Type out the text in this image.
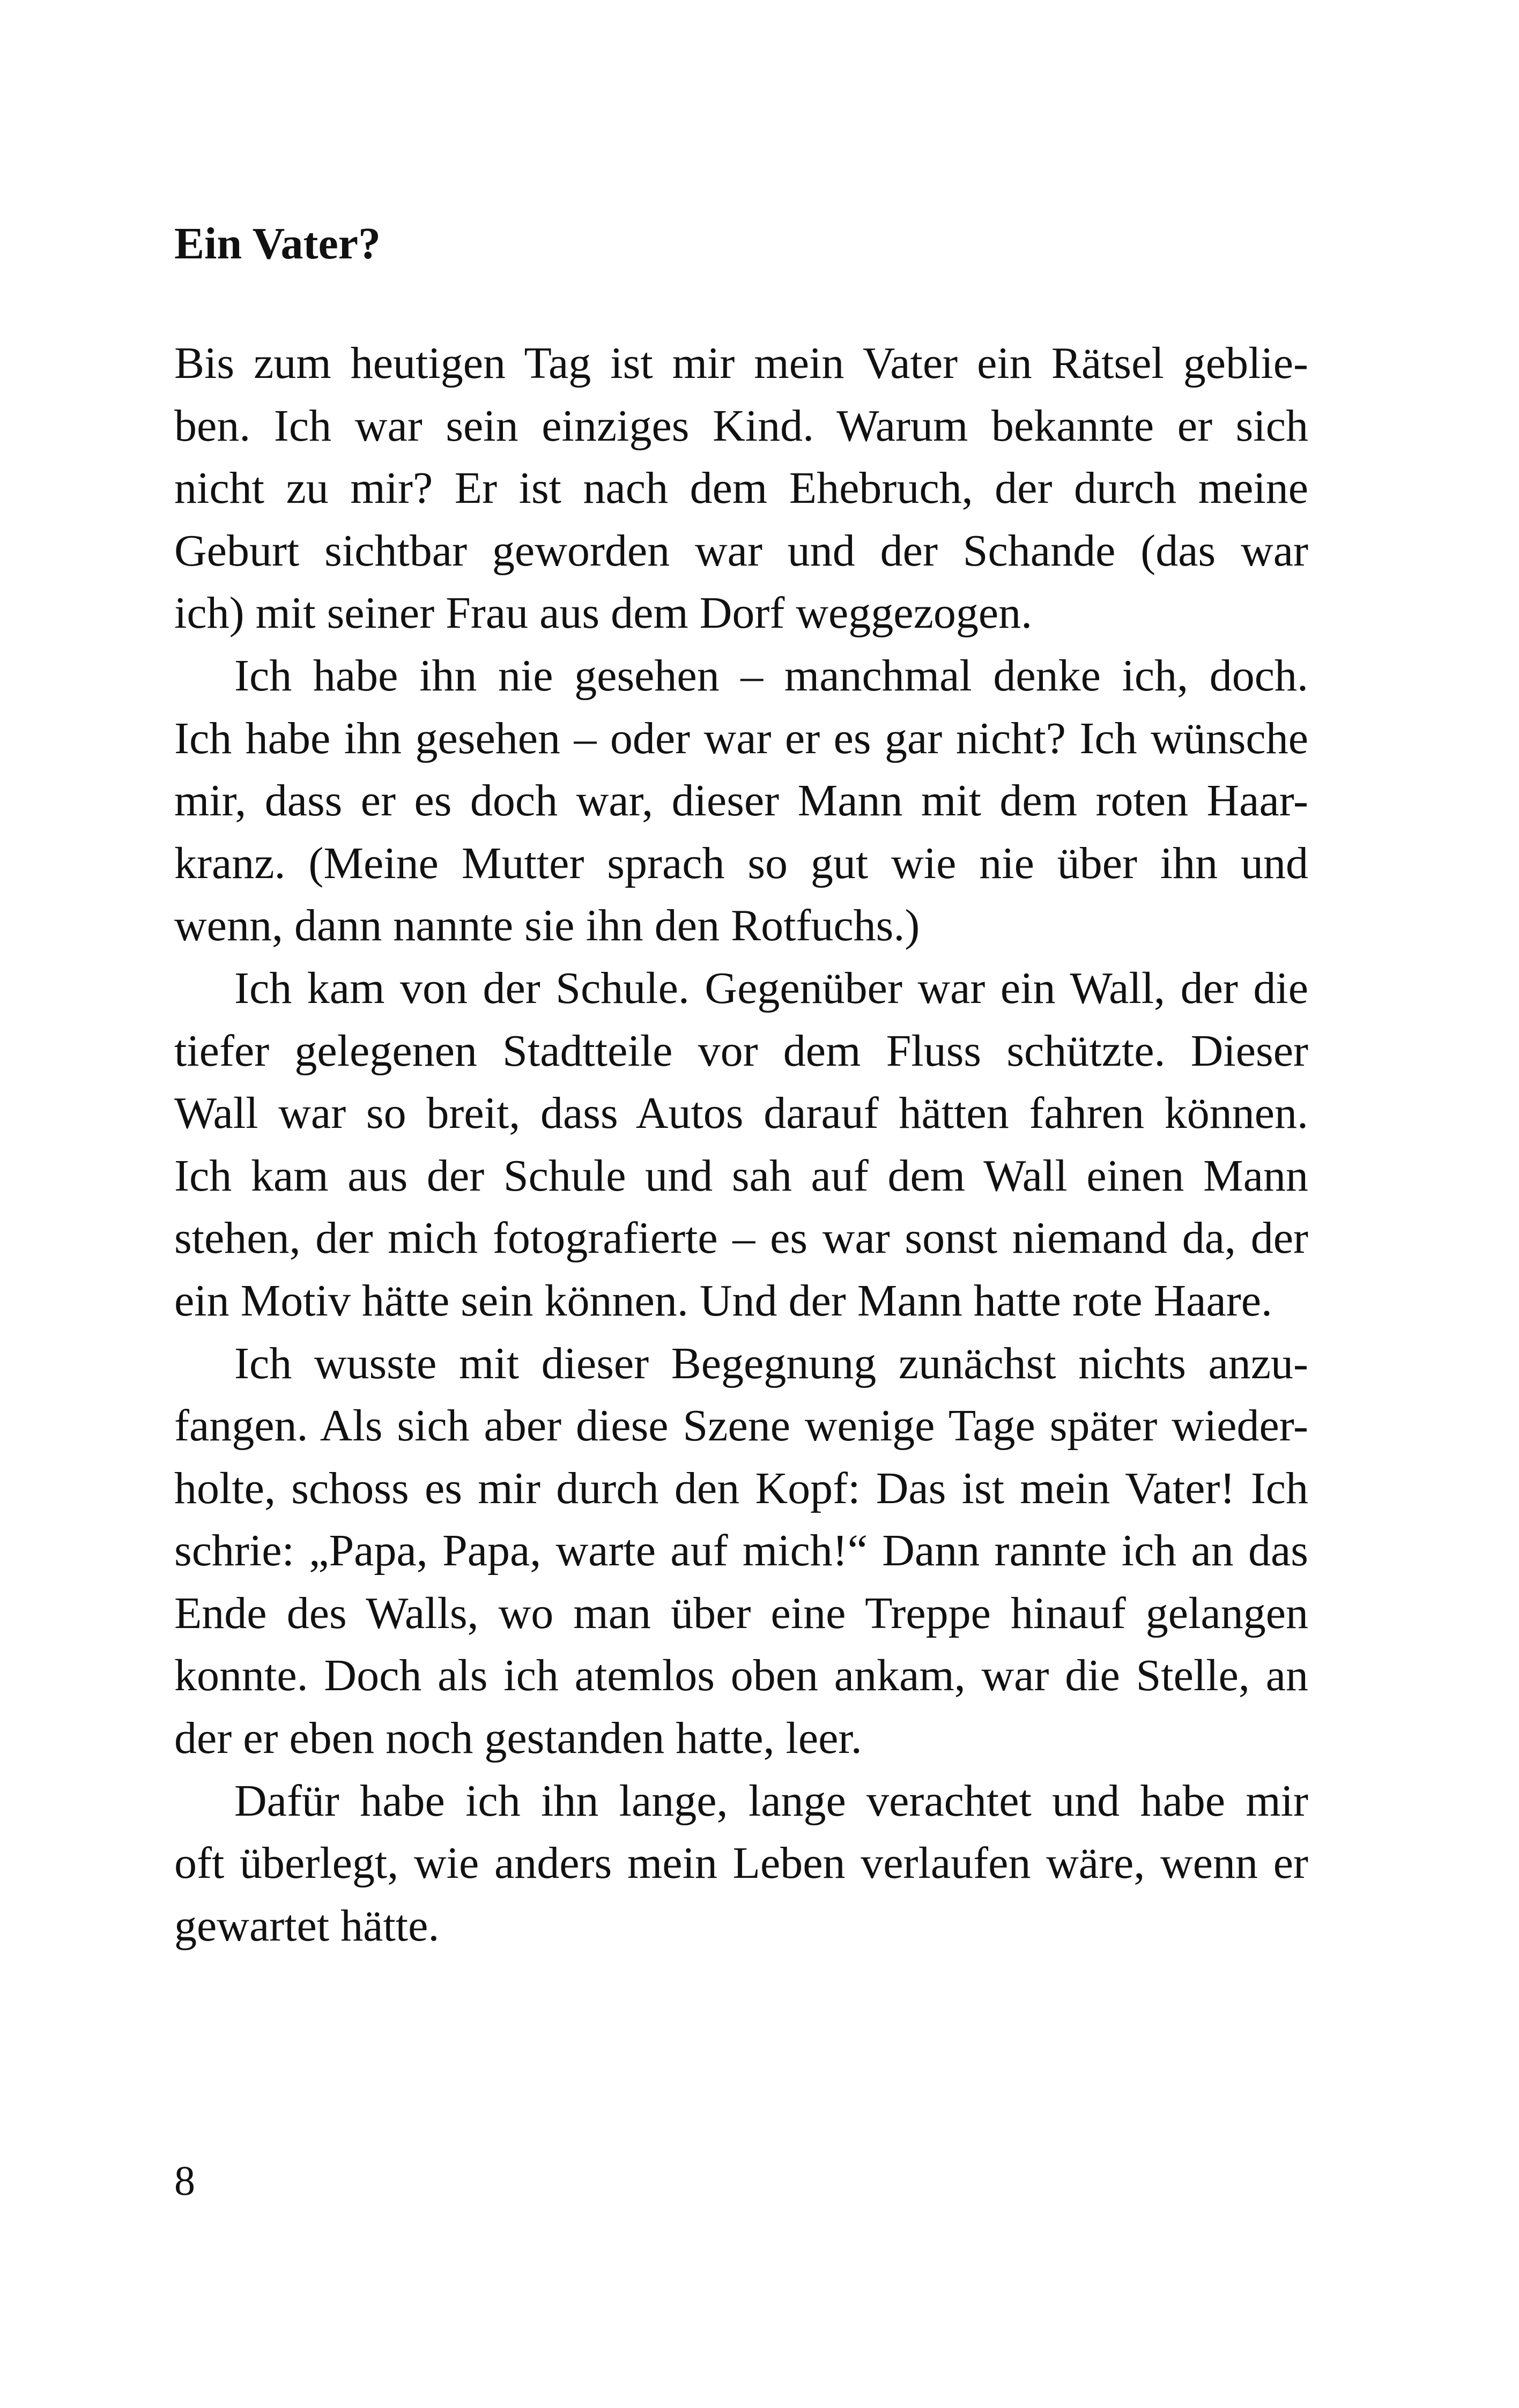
Ein Vater?
Bis zum heutigen Tag ist mir mein Vater ein Rätsel geblie-
ben. Ich war sein einziges Kind. Warum bekannte er sich
nicht zu mir? Er ist nach dem Ehebruch, der durch meine
Geburt sichtbar geworden war und der Schande (das war
ich) mit seiner Frau aus dem Dorf weggezogen.
Ich habe ihn nie gesehen – manchmal denke ich, doch.
Ich habe ihn gesehen – oder war er es gar nicht? Ich wünsche
mir, dass er es doch war, dieser Mann mit dem roten Haar-
kranz. (Meine Mutter sprach so gut wie nie über ihn und
wenn, dann nannte sie ihn den Rotfuchs.)
Ich kam von der Schule. Gegenüber war ein Wall, der die
tiefer gelegenen Stadtteile vor dem Fluss schützte. Dieser
Wall war so breit, dass Autos darauf hätten fahren können.
Ich kam aus der Schule und sah auf dem Wall einen Mann
stehen, der mich fotografierte – es war sonst niemand da, der
ein Motiv hätte sein können. Und der Mann hatte rote Haare.
Ich wusste mit dieser Begegnung zunächst nichts anzu-
fangen. Als sich aber diese Szene wenige Tage später wieder-
holte, schoss es mir durch den Kopf: Das ist mein Vater! Ich
schrie: „Papa, Papa, warte auf mich!“ Dann rannte ich an das
Ende des Walls, wo man über eine Treppe hinauf gelangen
konnte. Doch als ich atemlos oben ankam, war die Stelle, an
der er eben noch gestanden hatte, leer.
Dafür habe ich ihn lange, lange verachtet und habe mir
oft überlegt, wie anders mein Leben verlaufen wäre, wenn er
gewartet hätte.
8
